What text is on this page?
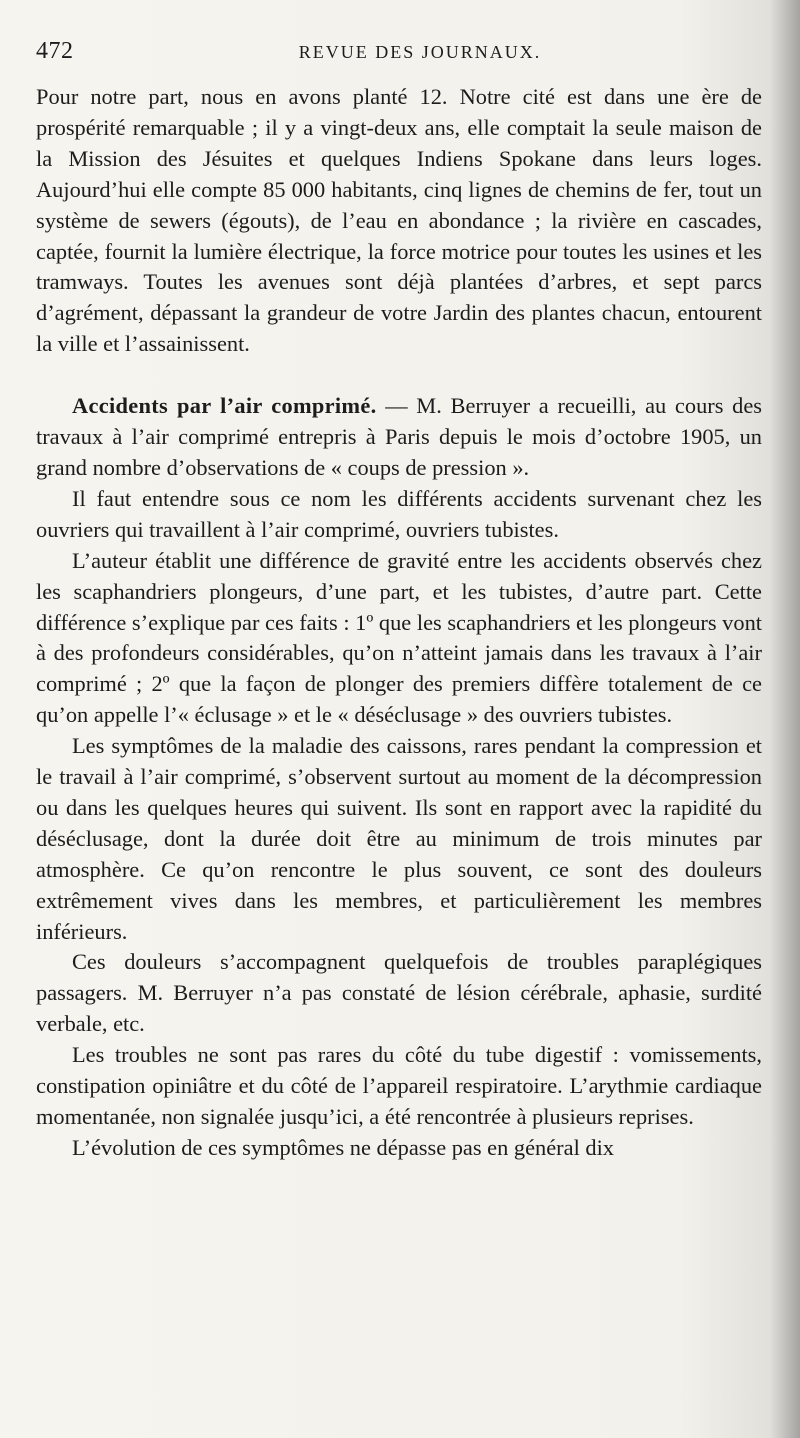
472	REVUE DES JOURNAUX.

Pour notre part, nous en avons planté 12. Notre cité est dans une ère de prospérité remarquable ; il y a vingt-deux ans, elle comptait la seule maison de la Mission des Jésuites et quelques Indiens Spokane dans leurs loges. Aujourd’hui elle compte 85 000 habitants, cinq lignes de chemins de fer, tout un système de sewers (égouts), de l’eau en abondance ; la rivière en cascades, captée, fournit la lumière électrique, la force motrice pour toutes les usines et les tramways. Toutes les avenues sont déjà plantées d’arbres, et sept parcs d’agrément, dépassant la grandeur de votre Jardin des plantes chacun, entourent la ville et l’assainissent.

Accidents par l’air comprimé. — M. Berruyer a recueilli, au cours des travaux à l’air comprimé entrepris à Paris depuis le mois d’octobre 1905, un grand nombre d’observations de « coups de pression ».

Il faut entendre sous ce nom les différents accidents survenant chez les ouvriers qui travaillent à l’air comprimé, ouvriers tubistes.

L’auteur établit une différence de gravité entre les accidents observés chez les scaphandriers plongeurs, d’une part, et les tubistes, d’autre part. Cette différence s’explique par ces faits : 1º que les scaphandriers et les plongeurs vont à des profondeurs considérables, qu’on n’atteint jamais dans les travaux à l’air comprimé ; 2º que la façon de plonger des premiers diffère totalement de ce qu’on appelle l’« éclusage » et le « déséclusage » des ouvriers tubistes.

Les symptômes de la maladie des caissons, rares pendant la compression et le travail à l’air comprimé, s’observent surtout au moment de la décompression ou dans les quelques heures qui suivent. Ils sont en rapport avec la rapidité du déséclusage, dont la durée doit être au minimum de trois minutes par atmosphère. Ce qu’on rencontre le plus souvent, ce sont des douleurs extrêmement vives dans les membres, et particulièrement les membres inférieurs.

Ces douleurs s’accompagnent quelquefois de troubles paraplégiques passagers. M. Berruyer n’a pas constaté de lésion cérébrale, aphasie, surdité verbale, etc.

Les troubles ne sont pas rares du côté du tube digestif : vomissements, constipation opiniâtre et du côté de l’appareil respiratoire. L’arythmie cardiaque momentanée, non signalée jusqu’ici, a été rencontrée à plusieurs reprises.

L’évolution de ces symptômes ne dépasse pas en général dix
